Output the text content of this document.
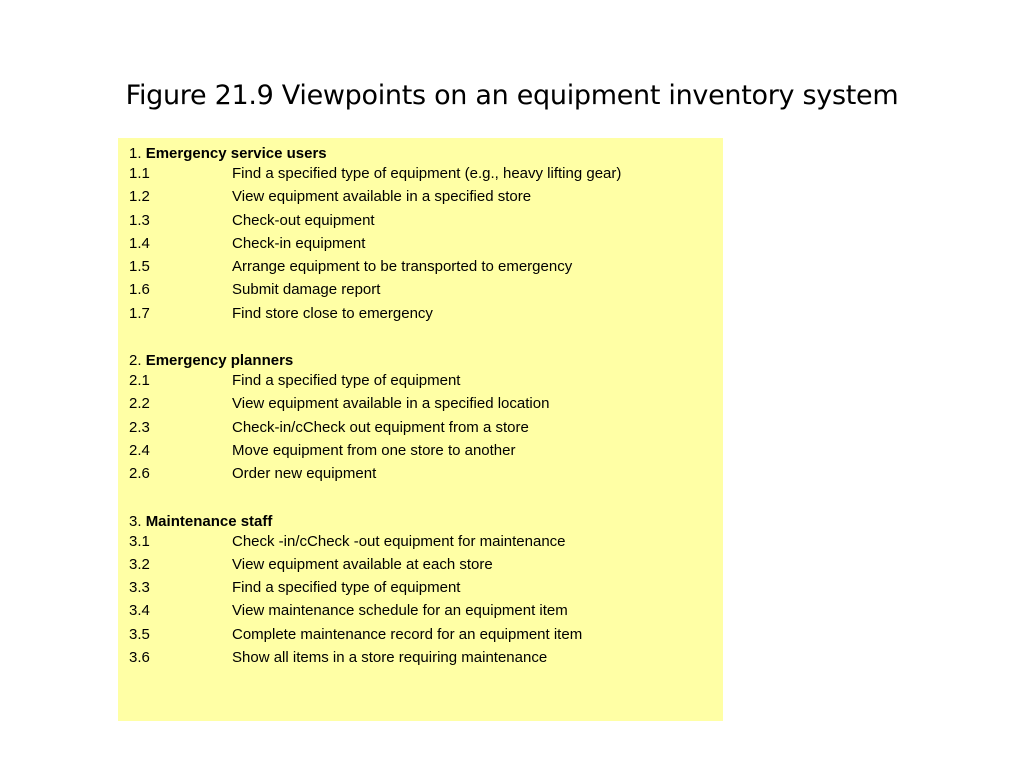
Figure 21.9 Viewpoints on an equipment inventory system
1. Emergency service users
1.1	Find a specified type of equipment (e.g., heavy lifting gear)
1.2	View equipment available in a specified store
1.3	Check-out equipment
1.4	Check-in equipment
1.5	Arrange equipment to be transported to emergency
1.6	Submit damage report
1.7	Find store close to emergency
2. Emergency planners
2.1	Find a specified type of equipment
2.2	View equipment available in a specified location
2.3	Check-in/cCheck out equipment from a store
2.4	Move equipment from one store to another
2.6	Order new equipment
3. Maintenance staff
3.1	Check -in/cCheck -out equipment for maintenance
3.2	View equipment available at each store
3.3	Find a specified type of equipment
3.4	View maintenance schedule for an equipment item
3.5	Complete maintenance record for an equipment item
3.6	Show all items in a store requiring maintenance
